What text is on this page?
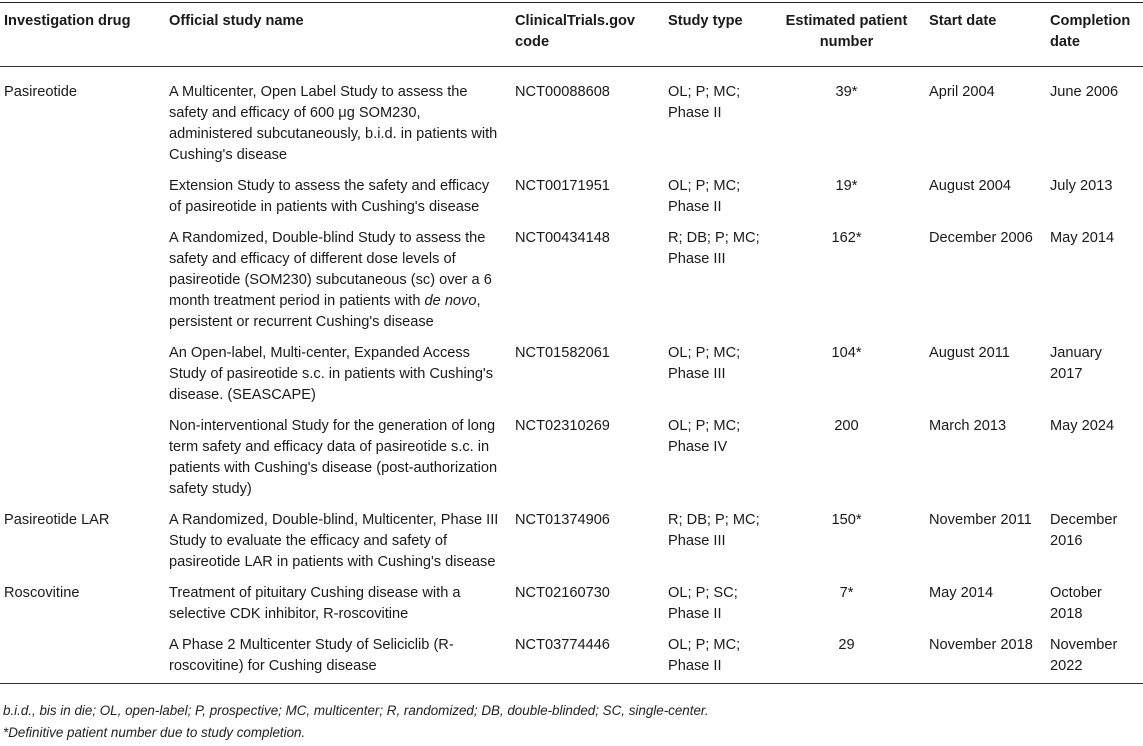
Investigation drug	Official study name	ClinicalTrials.gov code	Study type	Estimated patient number	Start date	Completion date
Pasireotide	A Multicenter, Open Label Study to assess the safety and efficacy of 600 μg SOM230, administered subcutaneously, b.i.d. in patients with Cushing's disease	NCT00088608	OL; P; MC; Phase II	39*	April 2004	June 2006
	Extension Study to assess the safety and efficacy of pasireotide in patients with Cushing's disease	NCT00171951	OL; P; MC; Phase II	19*	August 2004	July 2013
	A Randomized, Double-blind Study to assess the safety and efficacy of different dose levels of pasireotide (SOM230) subcutaneous (sc) over a 6 month treatment period in patients with de novo, persistent or recurrent Cushing's disease	NCT00434148	R; DB; P; MC; Phase III	162*	December 2006	May 2014
	An Open-label, Multi-center, Expanded Access Study of pasireotide s.c. in patients with Cushing's disease. (SEASCAPE)	NCT01582061	OL; P; MC; Phase III	104*	August 2011	January 2017
	Non-interventional Study for the generation of long term safety and efficacy data of pasireotide s.c. in patients with Cushing's disease (post-authorization safety study)	NCT02310269	OL; P; MC; Phase IV	200	March 2013	May 2024
Pasireotide LAR	A Randomized, Double-blind, Multicenter, Phase III Study to evaluate the efficacy and safety of pasireotide LAR in patients with Cushing's disease	NCT01374906	R; DB; P; MC; Phase III	150*	November 2011	December 2016
Roscovitine	Treatment of pituitary Cushing disease with a selective CDK inhibitor, R-roscovitine	NCT02160730	OL; P; SC; Phase II	7*	May 2014	October 2018
	A Phase 2 Multicenter Study of Seliciclib (R-roscovitine) for Cushing disease	NCT03774446	OL; P; MC; Phase II	29	November 2018	November 2022
b.i.d., bis in die; OL, open-label; P, prospective; MC, multicenter; R, randomized; DB, double-blinded; SC, single-center.
*Definitive patient number due to study completion.
